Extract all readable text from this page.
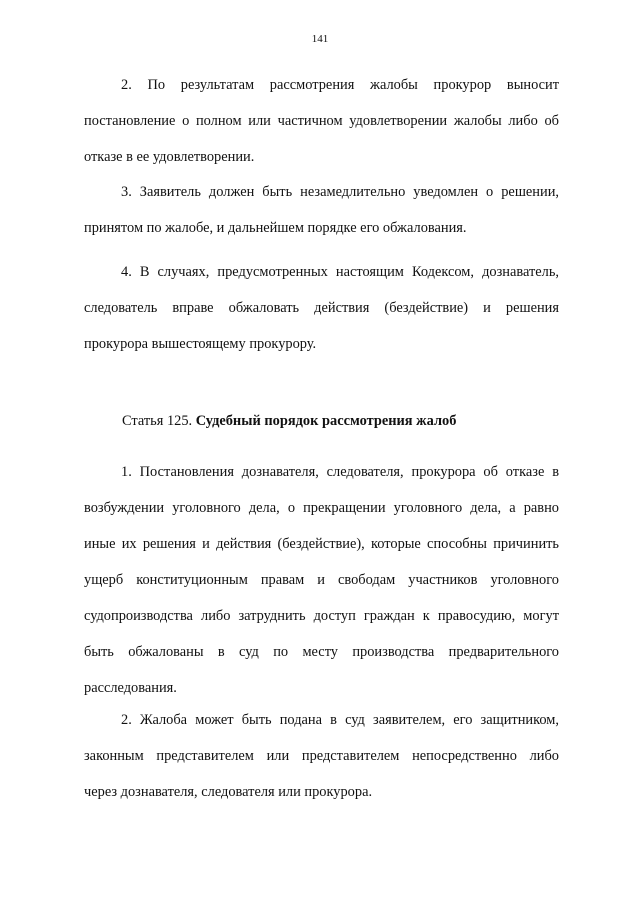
141
2. По результатам рассмотрения жалобы прокурор выносит
постановление о полном или частичном удовлетворении жалобы либо об
отказе в ее удовлетворении.
3. Заявитель должен быть незамедлительно уведомлен о решении,
принятом по жалобе, и дальнейшем порядке его обжалования.
4. В случаях, предусмотренных настоящим Кодексом, дознаватель,
следователь вправе обжаловать действия (бездействие) и решения
прокурора вышестоящему прокурору.
Статья 125. Судебный порядок рассмотрения жалоб
1. Постановления дознавателя, следователя, прокурора об отказе в
возбуждении уголовного дела, о прекращении уголовного дела, а равно
иные их решения и действия (бездействие), которые способны причинить
ущерб конституционным правам и свободам участников уголовного
судопроизводства либо затруднить доступ граждан к правосудию, могут
быть обжалованы в суд по месту производства предварительного
расследования.
2. Жалоба может быть подана в суд заявителем, его защитником,
законным представителем или представителем непосредственно либо
через дознавателя, следователя или прокурора.
